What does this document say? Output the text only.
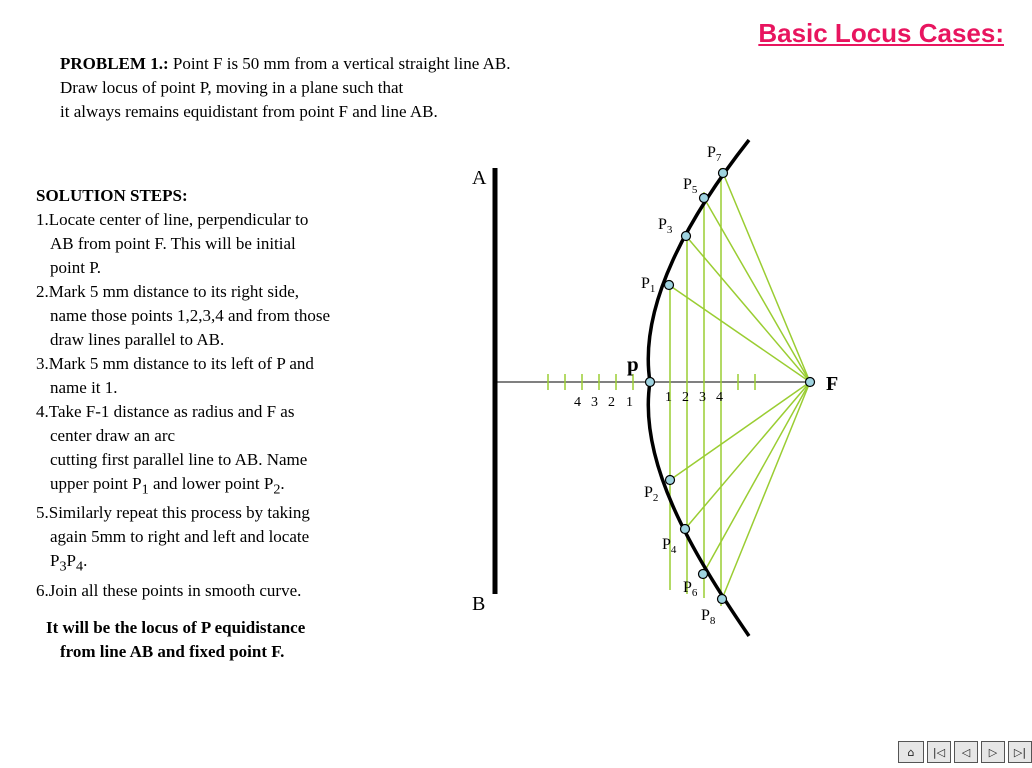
Basic Locus Cases:

PROBLEM 1.: Point F is 50 mm from a vertical straight line AB.

Draw locus of point P, moving in a plane such that

it always remains equidistant from point F and line AB.

SOLUTION STEPS:

1.Locate center of line, perpendicular to

AB from point F. This will be initial

point P.

2.Mark 5 mm distance to its right side,

name those points 1,2,3,4 and from those

draw lines parallel to AB.

3.Mark 5 mm distance to its left of P and

name it 1.

4.Take F-1 distance as radius and F as

center draw an arc

cutting first parallel line to AB. Name

upper point $P_1$ and lower point $P_2$.

5.Similarly repeat this process by taking

again 5mm to right and left and locate

$P_3P_4$.

6.Join all these points in smooth curve.

It will be the locus of P equidistance

from line AB and fixed point F.

A
B
$P_7$
$P_5$
$P_3$
$P_1$
$P_2$
$P_4$
$P_6$
$P_8$
p
F
4 3 2 1 1 2 3 4
⌂	|◁	◁	▷	▷|
